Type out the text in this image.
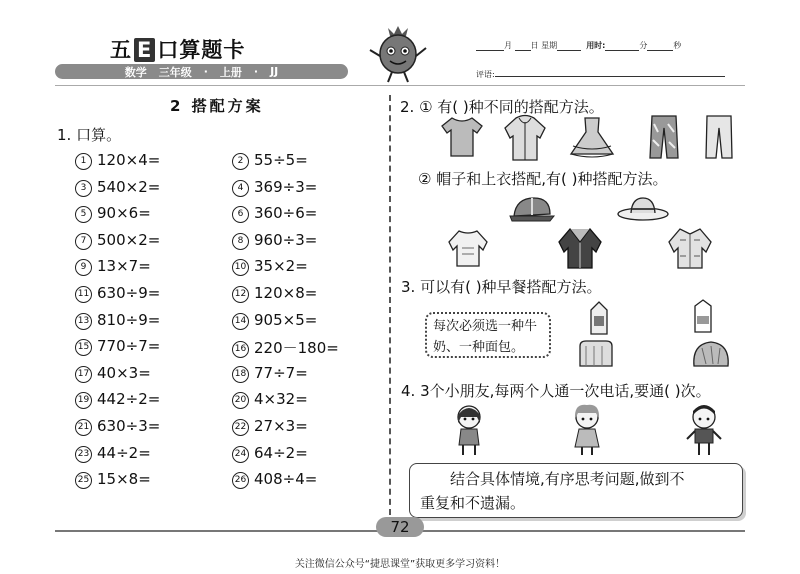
五 E 口算题卡
数学 三年级 · 上册 · JJ
月 日 星期	用时:	分	秒
评语:
2 搭配方案
1. 口算。
1 120×4=	2 55÷5=
3 540×2=	4 369÷3=
5 90×6=	6 360÷6=
7 500×2=	8 960÷3=
9 13×7=	10 35×2=
11 630÷9=	12 120×8=
13 810÷9=	14 905×5=
15 770÷7=	16 220－180=
17 40×3=	18 77÷7=
19 442÷2=	20 4×32=
21 630÷3=	22 27×3=
23 44÷2=	24 64÷2=
25 15×8=	26 408÷4=
2. ① 有( )种不同的搭配方法。
② 帽子和上衣搭配,有( )种搭配方法。
3. 可以有( )种早餐搭配方法。
每次必须选一种牛
奶、一种面包。
4. 3个小朋友,每两个人通一次电话,要通( )次。
结合具体情境,有序思考问题,做到不
重复和不遗漏。
72
关注微信公众号“捷思课堂”获取更多学习资料！
